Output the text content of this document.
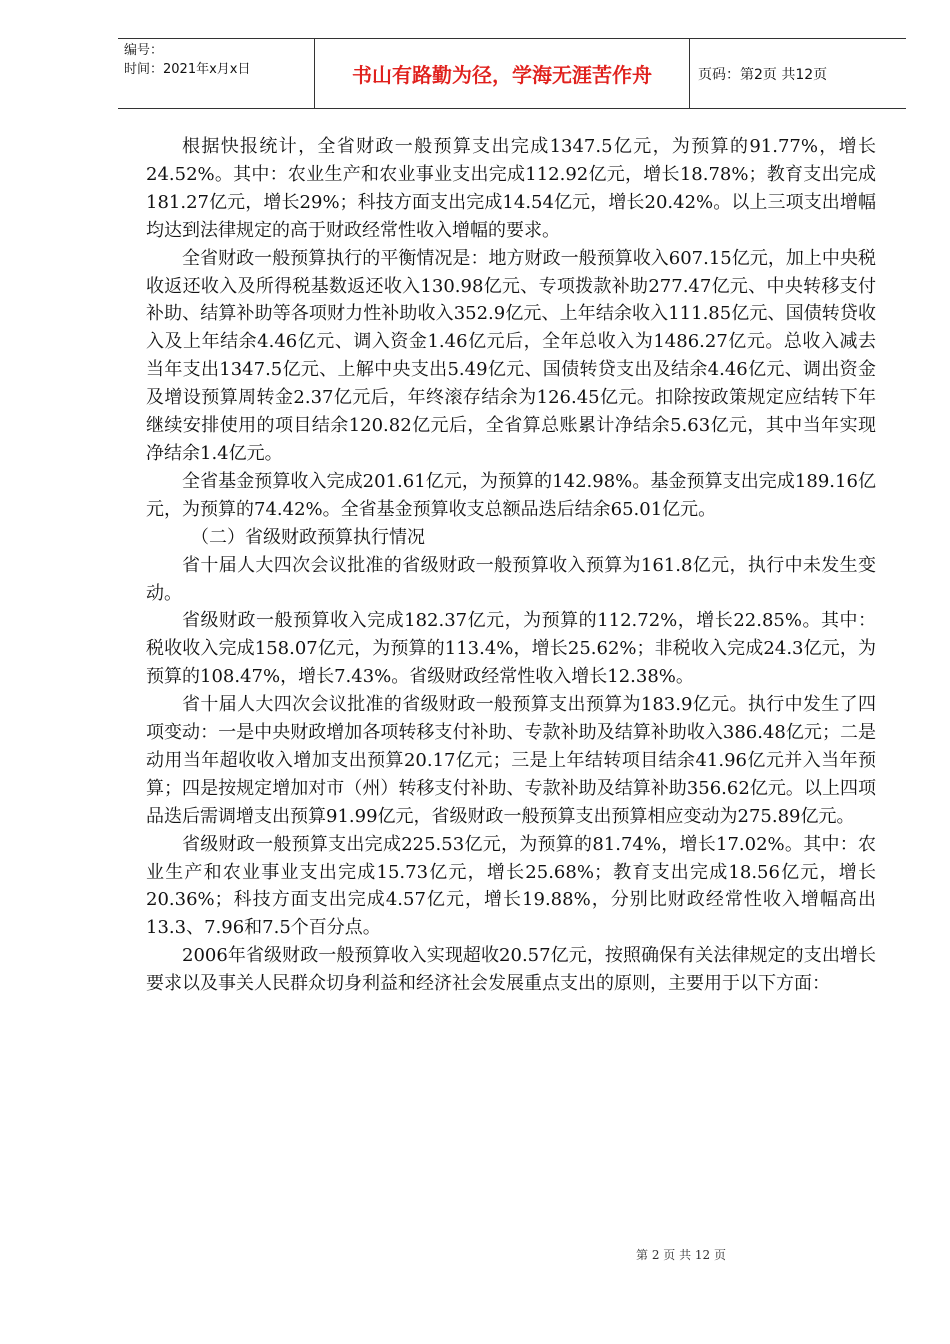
编号：
时间：2021年x月x日	书山有路勤为径，学海无涯苦作舟	页码：第2页 共12页

根据快报统计，全省财政一般预算支出完成1347.5亿元，为预算的91.77%，增长24.52%。其中：农业生产和农业事业支出完成112.92亿元，增长18.78%；教育支出完成181.27亿元，增长29%；科技方面支出完成14.54亿元，增长20.42%。以上三项支出增幅均达到法律规定的高于财政经常性收入增幅的要求。

全省财政一般预算执行的平衡情况是：地方财政一般预算收入607.15亿元，加上中央税收返还收入及所得税基数返还收入130.98亿元、专项拨款补助277.47亿元、中央转移支付补助、结算补助等各项财力性补助收入352.9亿元、上年结余收入111.85亿元、国债转贷收入及上年结余4.46亿元、调入资金1.46亿元后，全年总收入为1486.27亿元。总收入减去当年支出1347.5亿元、上解中央支出5.49亿元、国债转贷支出及结余4.46亿元、调出资金及增设预算周转金2.37亿元后，年终滚存结余为126.45亿元。扣除按政策规定应结转下年继续安排使用的项目结余120.82亿元后，全省算总账累计净结余5.63亿元，其中当年实现净结余1.4亿元。

全省基金预算收入完成201.61亿元，为预算的142.98%。基金预算支出完成189.16亿元，为预算的74.42%。全省基金预算收支总额品迭后结余65.01亿元。

（二）省级财政预算执行情况

省十届人大四次会议批准的省级财政一般预算收入预算为161.8亿元，执行中未发生变动。

省级财政一般预算收入完成182.37亿元，为预算的112.72%，增长22.85%。其中：税收收入完成158.07亿元，为预算的113.4%，增长25.62%；非税收入完成24.3亿元，为预算的108.47%，增长7.43%。省级财政经常性收入增长12.38%。

省十届人大四次会议批准的省级财政一般预算支出预算为183.9亿元。执行中发生了四项变动：一是中央财政增加各项转移支付补助、专款补助及结算补助收入386.48亿元；二是动用当年超收收入增加支出预算20.17亿元；三是上年结转项目结余41.96亿元并入当年预算；四是按规定增加对市（州）转移支付补助、专款补助及结算补助356.62亿元。以上四项品迭后需调增支出预算91.99亿元，省级财政一般预算支出预算相应变动为275.89亿元。

省级财政一般预算支出完成225.53亿元，为预算的81.74%，增长17.02%。其中：农业生产和农业事业支出完成15.73亿元，增长25.68%；教育支出完成18.56亿元，增长20.36%；科技方面支出完成4.57亿元，增长19.88%，分别比财政经常性收入增幅高出13.3、7.96和7.5个百分点。

2006年省级财政一般预算收入实现超收20.57亿元，按照确保有关法律规定的支出增长要求以及事关人民群众切身利益和经济社会发展重点支出的原则，主要用于以下方面：

第 2 页 共 12 页
